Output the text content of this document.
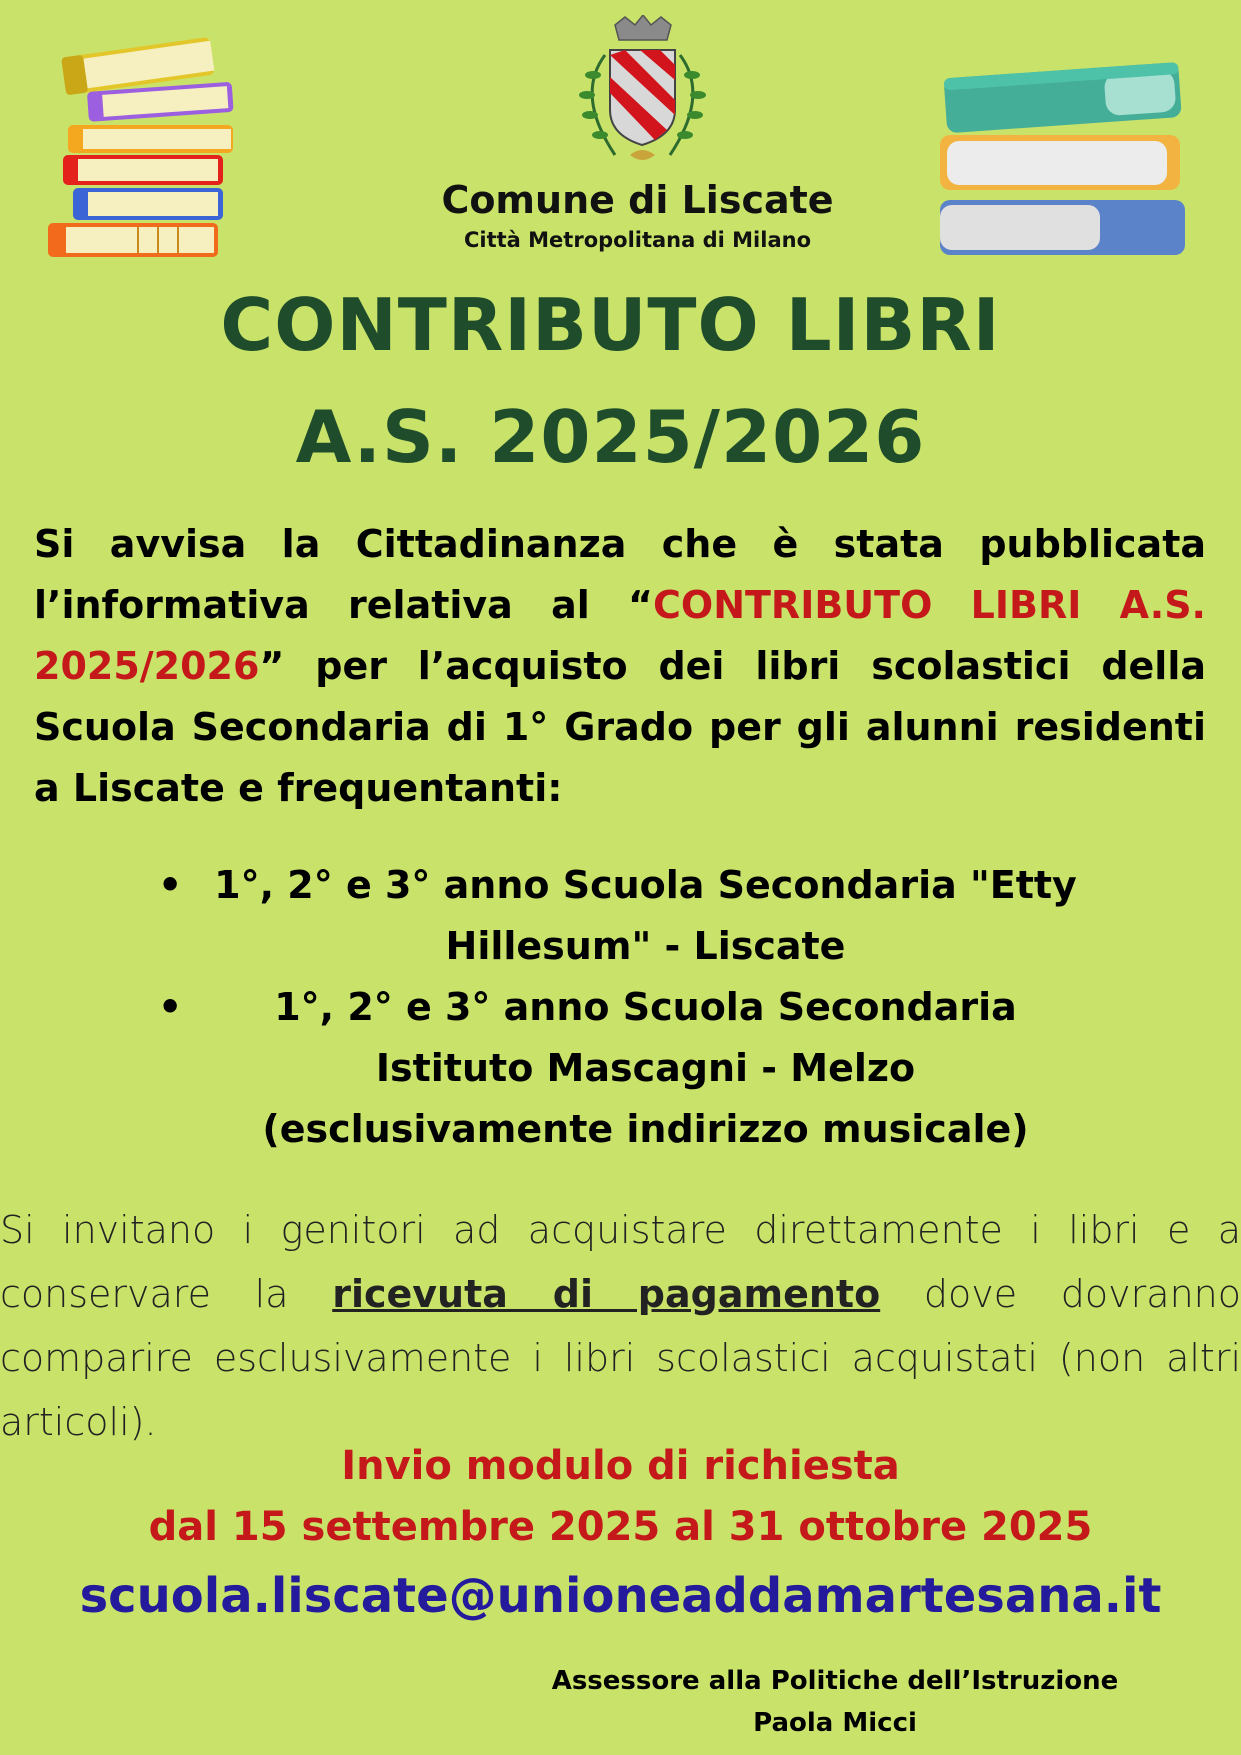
Comune di Liscate
Città Metropolitana di Milano
CONTRIBUTO LIBRI
A.S. 2025/2026
Si avvisa la Cittadinanza che è stata pubblicata l’informativa relativa al “CONTRIBUTO LIBRI A.S. 2025/2026” per l’acquisto dei libri scolastici della Scuola Secondaria di 1° Grado per gli alunni residenti a Liscate e frequentanti:
• 1°, 2° e 3° anno Scuola Secondaria "Etty Hillesum" - Liscate
•	1°, 2° e 3° anno Scuola Secondaria
Istituto Mascagni - Melzo
(esclusivamente indirizzo musicale)
Si invitano i genitori ad acquistare direttamente i libri e a conservare la ricevuta di pagamento dove dovranno comparire esclusivamente i libri scolastici acquistati (non altri articoli).
Invio modulo di richiesta
dal 15 settembre 2025 al 31 ottobre 2025
scuola.liscate@unioneaddamartesana.it
Assessore alla Politiche dell’Istruzione
Paola Micci
